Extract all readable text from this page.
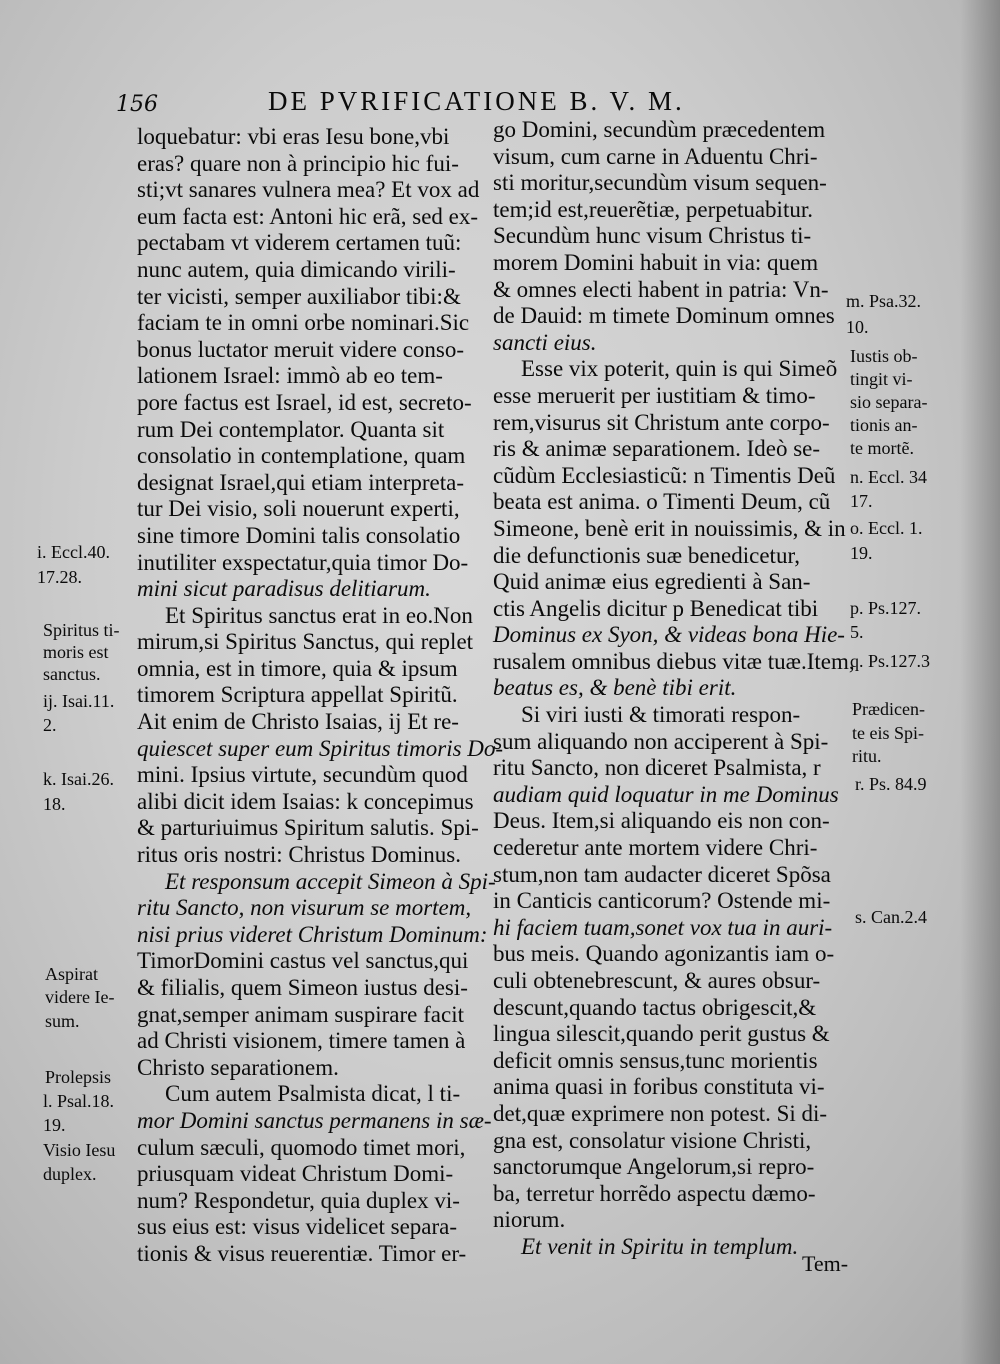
156	DE PVRIFICATIONE B. V. M.
loquebatur: vbi eras Iesu bone,vbi
eras? quare non à principio hic fui-
sti;vt sanares vulnera mea? Et vox ad
eum facta est: Antoni hic erã, sed ex-
pectabam vt viderem certamen tuũ:
nunc autem, quia dimicando virili-
ter vicisti, semper auxiliabor tibi:&
faciam te in omni orbe nominari.Sic
bonus luctator meruit videre conso-
lationem Israel: immò ab eo tem-
pore factus est Israel, id est, secreto-
rum Dei contemplator. Quanta sit
consolatio in contemplatione, quam
designat Israel,qui etiam interpreta-
tur Dei visio, soli nouerunt experti,
sine timore Domini talis consolatio
inutiliter exspectatur,quia timor Do-
mini sicut paradisus delitiarum.
Et Spiritus sanctus erat in eo.Non
mirum,si Spiritus Sanctus, qui replet
omnia, est in timore, quia & ipsum
timorem Scriptura appellat Spiritũ.
Ait enim de Christo Isaias, ij Et re-
quiescet super eum Spiritus timoris Do-
mini. Ipsius virtute, secundùm quod
alibi dicit idem Isaias: k concepimus
& parturiuimus Spiritum salutis. Spi-
ritus oris nostri: Christus Dominus.
Et responsum accepit Simeon à Spi-
ritu Sancto, non visurum se mortem,
nisi prius videret Christum Dominum:
TimorDomini castus vel sanctus,qui
& filialis, quem Simeon iustus desi-
gnat,semper animam suspirare facit
ad Christi visionem, timere tamen à
Christo separationem.
Cum autem Psalmista dicat, l ti-
mor Domini sanctus permanens in sæ-
culum sæculi, quomodo timet mori,
priusquam videat Christum Domi-
num? Respondetur, quia duplex vi-
sus eius est: visus videlicet separa-
tionis & visus reuerentiæ. Timor er-
go Domini, secundùm præcedentem
visum, cum carne in Aduentu Chri-
sti moritur,secundùm visum sequen-
tem;id est,reuerẽtiæ, perpetuabitur.
Secundùm hunc visum Christus ti-
morem Domini habuit in via: quem
& omnes electi habent in patria: Vn-
de Dauid: m timete Dominum omnes
sancti eius.
Esse vix poterit, quin is qui Simeõ
esse meruerit per iustitiam & timo-
rem,visurus sit Christum ante corpo-
ris & animæ separationem. Ideò se-
cũdùm Ecclesiasticũ: n Timentis Deũ
beata est anima. o Timenti Deum, cũ
Simeone, benè erit in nouissimis, & in
die defunctionis suæ benedicetur,
Quid animæ eius egredienti à San-
ctis Angelis dicitur p Benedicat tibi
Dominus ex Syon, & videas bona Hie-
rusalem omnibus diebus vitæ tuæ.Item,
beatus es, & benè tibi erit.
Si viri iusti & timorati respon-
sum aliquando non acciperent à Spi-
ritu Sancto, non diceret Psalmista, r
audiam quid loquatur in me Dominus
Deus. Item,si aliquando eis non con-
cederetur ante mortem videre Chri-
stum,non tam audacter diceret Spõsa
in Canticis canticorum? Ostende mi-
hi faciem tuam,sonet vox tua in auri-
bus meis. Quando agonizantis iam o-
culi obtenebrescunt, & aures obsur-
descunt,quando tactus obrigescit,&
lingua silescit,quando perit gustus &
deficit omnis sensus,tunc morientis
anima quasi in foribus constituta vi-
det,quæ exprimere non potest. Si di-
gna est, consolatur visione Christi,
sanctorumque Angelorum,si repro-
ba, terretur horrẽdo aspectu dæmo-
niorum.
Et venit in Spiritu in templum.
i. Eccl.40.
17.28.
Spiritus ti-
moris est
sanctus.
ij. Isai.11.
2.
k. Isai.26.
18.
Aspirat
videre Ie-
sum.
Prolepsis
l. Psal.18.
19.
Visio Iesu
duplex.
m. Psa.32.
10.
Iustis ob-
tingit vi-
sio separa-
tionis an-
te mortẽ.
n. Eccl. 34
17.
o. Eccl. 1.
19.
p. Ps.127.
5.
q. Ps.127.3
Prædicen-
te eis Spi-
ritu.
r. Ps. 84.9
s. Can.2.4
Tem-
